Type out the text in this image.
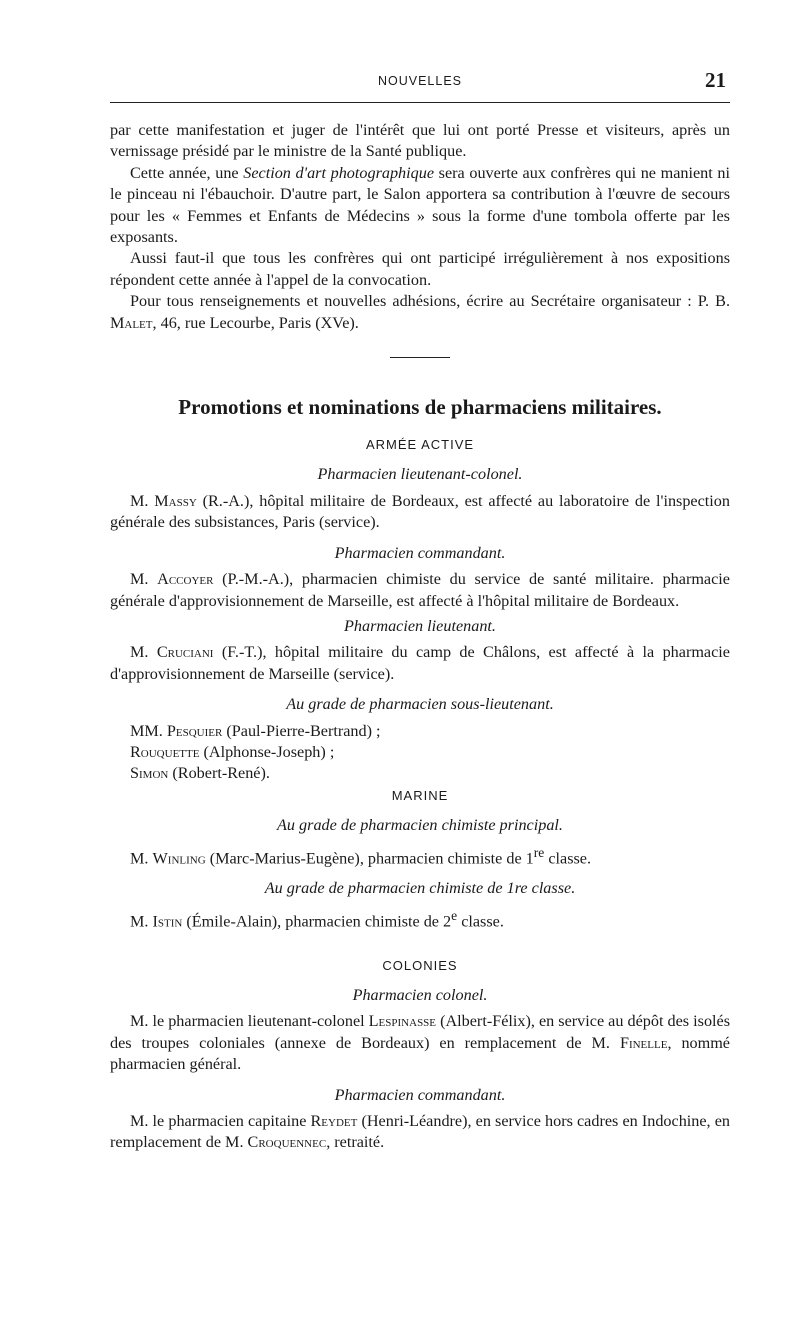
NOUVELLES	21

par cette manifestation et juger de l'intérêt que lui ont porté Presse et visiteurs, après un vernissage présidé par le ministre de la Santé publique.

Cette année, une Section d'art photographique sera ouverte aux confrères qui ne manient ni le pinceau ni l'ébauchoir. D'autre part, le Salon apportera sa contribution à l'œuvre de secours pour les « Femmes et Enfants de Médecins » sous la forme d'une tombola offerte par les exposants.

Aussi faut-il que tous les confrères qui ont participé irrégulièrement à nos expositions répondent cette année à l'appel de la convocation.

Pour tous renseignements et nouvelles adhésions, écrire au Secrétaire organisateur : P. B. Malet, 46, rue Lecourbe, Paris (XVe).

Promotions et nominations de pharmaciens militaires.
ARMÉE ACTIVE
Pharmacien lieutenant-colonel.

M. Massy (R.-A.), hôpital militaire de Bordeaux, est affecté au laboratoire de l'inspection générale des subsistances, Paris (service).

Pharmacien commandant.

M. Accoyer (P.-M.-A.), pharmacien chimiste du service de santé militaire. pharmacie générale d'approvisionnement de Marseille, est affecté à l'hôpital militaire de Bordeaux.

Pharmacien lieutenant.

M. Cruciani (F.-T.), hôpital militaire du camp de Châlons, est affecté à la pharmacie d'approvisionnement de Marseille (service).

Au grade de pharmacien sous-lieutenant.
MM. Pesquier (Paul-Pierre-Bertrand) ;
Rouquette (Alphonse-Joseph) ;
Simon (Robert-René).
MARINE
Au grade de pharmacien chimiste principal.

M. Winling (Marc-Marius-Eugène), pharmacien chimiste de 1re classe.

Au grade de pharmacien chimiste de 1re classe.

M. Istin (Émile-Alain), pharmacien chimiste de 2e classe.

COLONIES
Pharmacien colonel.

M. le pharmacien lieutenant-colonel Lespinasse (Albert-Félix), en service au dépôt des isolés des troupes coloniales (annexe de Bordeaux) en remplacement de M. Finelle, nommé pharmacien général.

Pharmacien commandant.

M. le pharmacien capitaine Reydet (Henri-Léandre), en service hors cadres en Indochine, en remplacement de M. Croquennec, retraité.
